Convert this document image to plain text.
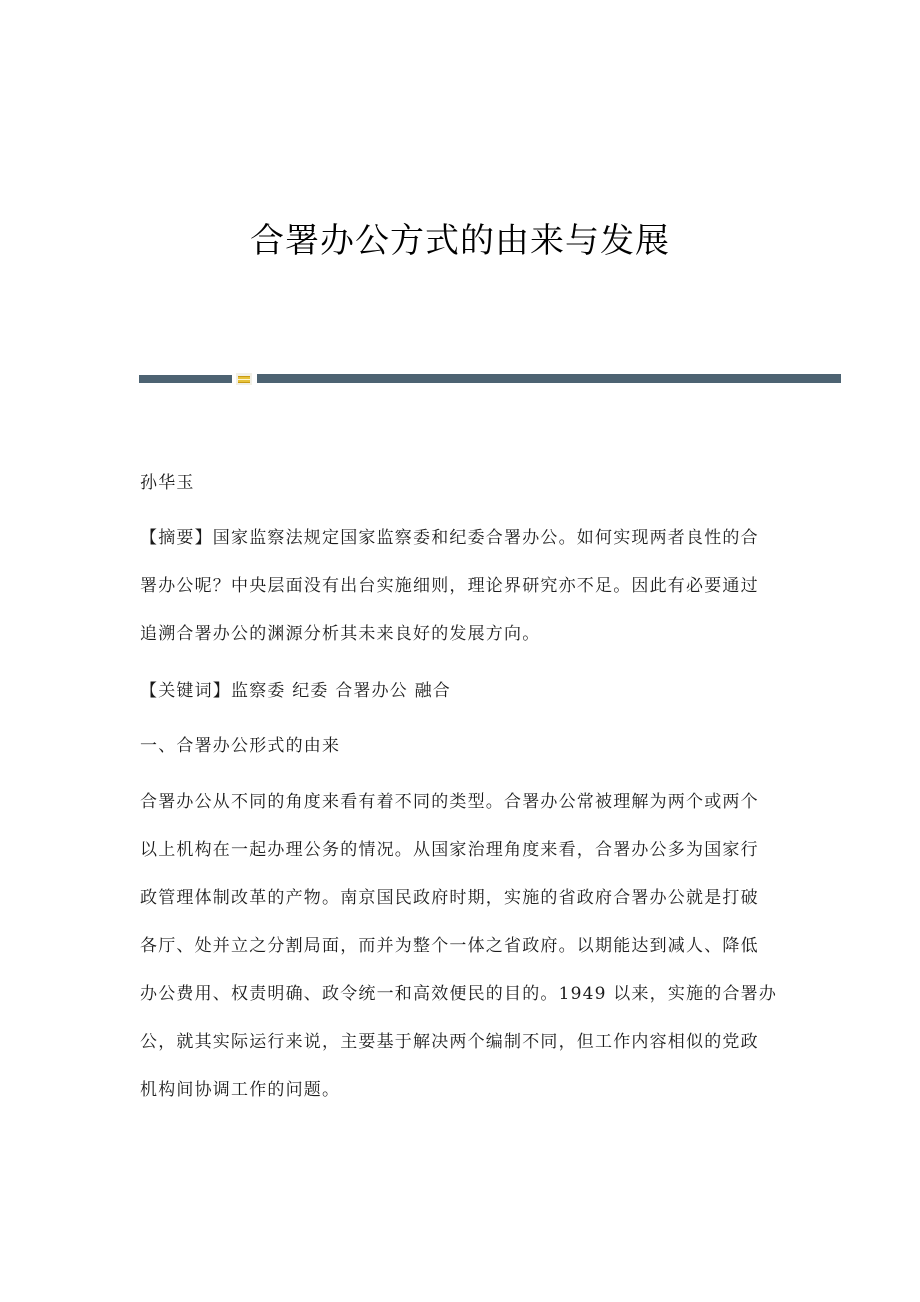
合署办公方式的由来与发展
孙华玉
【摘要】国家监察法规定国家监察委和纪委合署办公。如何实现两者良性的合
署办公呢？中央层面没有出台实施细则，理论界研究亦不足。因此有必要通过
追溯合署办公的渊源分析其未来良好的发展方向。
【关键词】监察委 纪委 合署办公 融合
一、合署办公形式的由来
合署办公从不同的角度来看有着不同的类型。合署办公常被理解为两个或两个
以上机构在一起办理公务的情况。从国家治理角度来看，合署办公多为国家行
政管理体制改革的产物。南京国民政府时期，实施的省政府合署办公就是打破
各厅、处并立之分割局面，而并为整个一体之省政府。以期能达到减人、降低
办公费用、权责明确、政令统一和高效便民的目的。1949 以来，实施的合署办
公，就其实际运行来说，主要基于解决两个编制不同，但工作内容相似的党政
机构间协调工作的问题。
